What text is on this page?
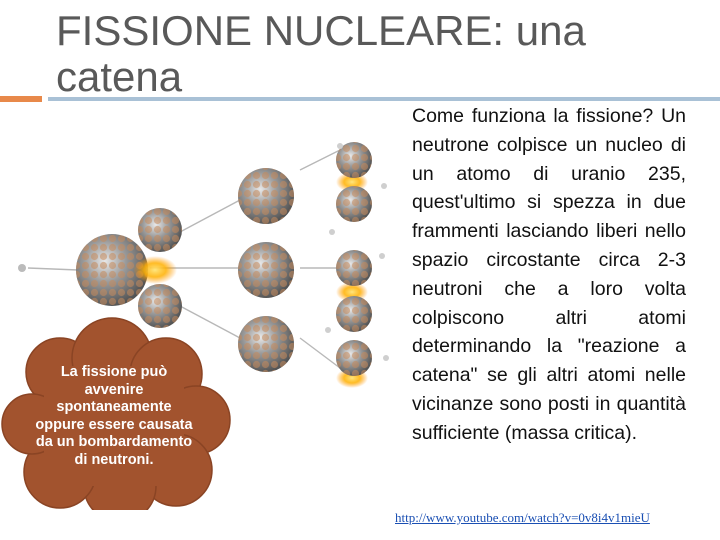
FISSIONE NUCLEARE: una catena
La fissione può avvenire spontaneamente oppure essere causata da un bombardamento di neutroni.

Come funziona la fissione? Un neutrone colpisce un nucleo di un atomo di uranio 235, quest'ultimo si spezza in due frammenti lasciando liberi nello spazio circostante circa 2-3 neutroni che a loro volta colpiscono altri atomi determinando la "reazione a catena" se gli altri atomi nelle vicinanze sono posti in quantità sufficiente (massa critica).

http://www.youtube.com/watch?v=0v8i4v1mieU
